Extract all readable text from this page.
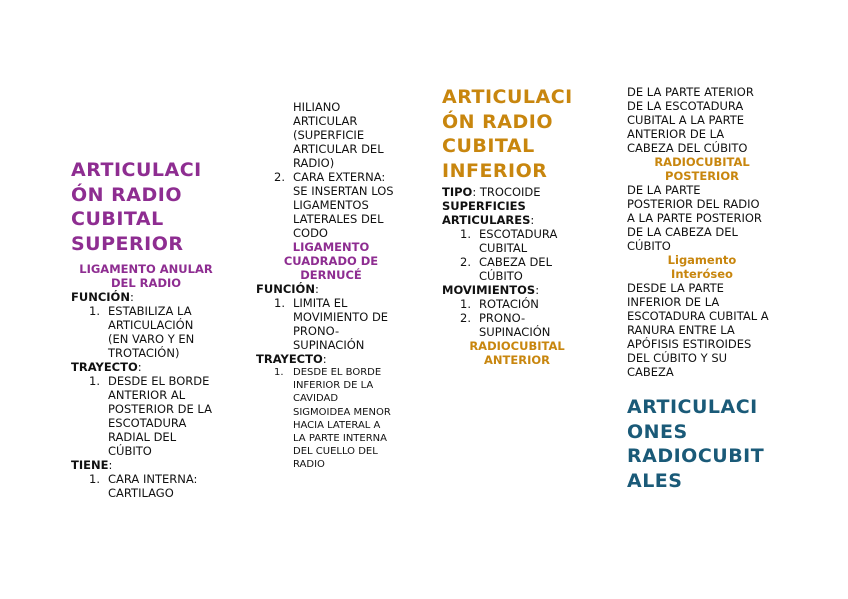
ARTICULACI
ÓN RADIO
CUBITAL
SUPERIOR
LIGAMENTO ANULAR
DEL RADIO
FUNCIÓN:
1. ESTABILIZA LA
ARTICULACIÓN
(EN VARO Y EN
TROTACIÓN)
TRAYECTO:
1. DESDE EL BORDE
ANTERIOR AL
POSTERIOR DE LA
ESCOTADURA
RADIAL DEL
CÚBITO
TIENE:
1. CARA INTERNA:
CARTILAGO
HILIANO
ARTICULAR
(SUPERFICIE
ARTICULAR DEL
RADIO)
2. CARA EXTERNA:
SE INSERTAN LOS
LIGAMENTOS
LATERALES DEL
CODO
LIGAMENTO
CUADRADO DE
DERNUCÉ
FUNCIÓN:
1. LIMITA EL
MOVIMIENTO DE
PRONO-
SUPINACIÓN
TRAYECTO:
1. DESDE EL BORDE
INFERIOR DE LA
CAVIDAD
SIGMOIDEA MENOR
HACIA LATERAL A
LA PARTE INTERNA
DEL CUELLO DEL
RADIO
ARTICULACI
ÓN RADIO
CUBITAL
INFERIOR
TIPO: TROCOIDE
SUPERFICIES
ARTICULARES:
1. ESCOTADURA
CUBITAL
2. CABEZA DEL
CÚBITO
MOVIMIENTOS:
1. ROTACIÓN
2. PRONO-
SUPINACIÓN
RADIOCUBITAL
ANTERIOR
DE LA PARTE ATERIOR
DE LA ESCOTADURA
CUBITAL A LA PARTE
ANTERIOR DE LA
CABEZA DEL CÚBITO
RADIOCUBITAL
POSTERIOR
DE LA PARTE
POSTERIOR DEL RADIO
A LA PARTE POSTERIOR
DE LA CABEZA DEL
CÚBITO
Ligamento
Interóseo
DESDE LA PARTE
INFERIOR DE LA
ESCOTADURA CUBITAL A
RANURA ENTRE LA
APÓFISIS ESTIROIDES
DEL CÚBITO Y SU
CABEZA
ARTICULACI
ONES
RADIOCUBIT
ALES
